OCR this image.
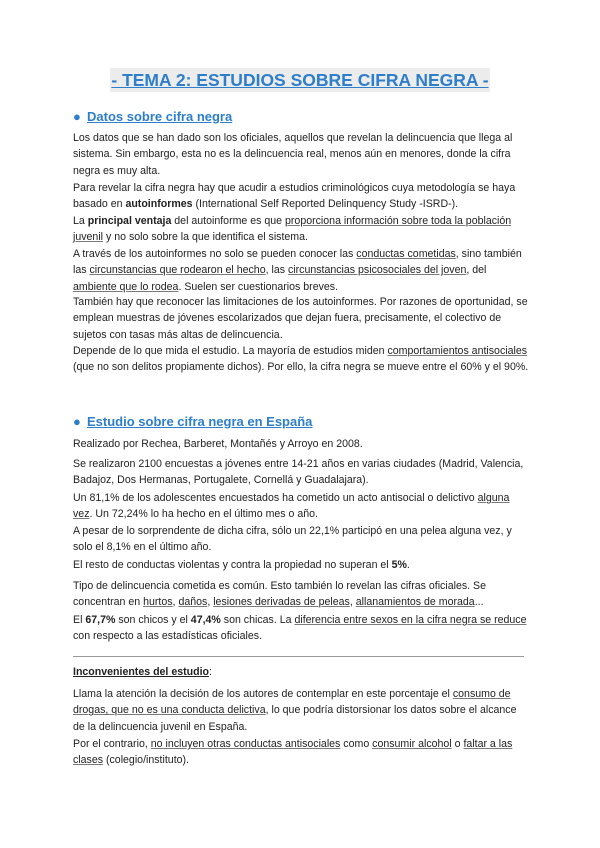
- TEMA 2: ESTUDIOS SOBRE CIFRA NEGRA -
● Datos sobre cifra negra
Los datos que se han dado son los oficiales, aquellos que revelan la delincuencia que llega al sistema. Sin embargo, esta no es la delincuencia real, menos aún en menores, donde la cifra negra es muy alta.
Para revelar la cifra negra hay que acudir a estudios criminológicos cuya metodología se haya basado en autoinformes (International Self Reported Delinquency Study -ISRD-).
La principal ventaja del autoinforme es que proporciona información sobre toda la población juvenil y no solo sobre la que identifica el sistema.
A través de los autoinformes no solo se pueden conocer las conductas cometidas, sino también las circunstancias que rodearon el hecho, las circunstancias psicosociales del joven, del ambiente que lo rodea. Suelen ser cuestionarios breves.
También hay que reconocer las limitaciones de los autoinformes. Por razones de oportunidad, se emplean muestras de jóvenes escolarizados que dejan fuera, precisamente, el colectivo de sujetos con tasas más altas de delincuencia.
Depende de lo que mida el estudio. La mayoría de estudios miden comportamientos antisociales (que no son delitos propiamente dichos). Por ello, la cifra negra se mueve entre el 60% y el 90%.
● Estudio sobre cifra negra en España
Realizado por Rechea, Barberet, Montañés y Arroyo en 2008.
Se realizaron 2100 encuestas a jóvenes entre 14-21 años en varias ciudades (Madrid, Valencia, Badajoz, Dos Hermanas, Portugalete, Cornellá y Guadalajara).
Un 81,1% de los adolescentes encuestados ha cometido un acto antisocial o delictivo alguna vez. Un 72,24% lo ha hecho en el último mes o año.
A pesar de lo sorprendente de dicha cifra, sólo un 22,1% participó en una pelea alguna vez, y solo el 8,1% en el último año.
El resto de conductas violentas y contra la propiedad no superan el 5%.
Tipo de delincuencia cometida es común. Esto también lo revelan las cifras oficiales. Se concentran en hurtos, daños, lesiones derivadas de peleas, allanamientos de morada...
El 67,7% son chicos y el 47,4% son chicas. La diferencia entre sexos en la cifra negra se reduce con respecto a las estadísticas oficiales.
Inconvenientes del estudio:
Llama la atención la decisión de los autores de contemplar en este porcentaje el consumo de drogas, que no es una conducta delictiva, lo que podría distorsionar los datos sobre el alcance de la delincuencia juvenil en España.
Por el contrario, no incluyen otras conductas antisociales como consumir alcohol o faltar a las clases (colegio/instituto).
